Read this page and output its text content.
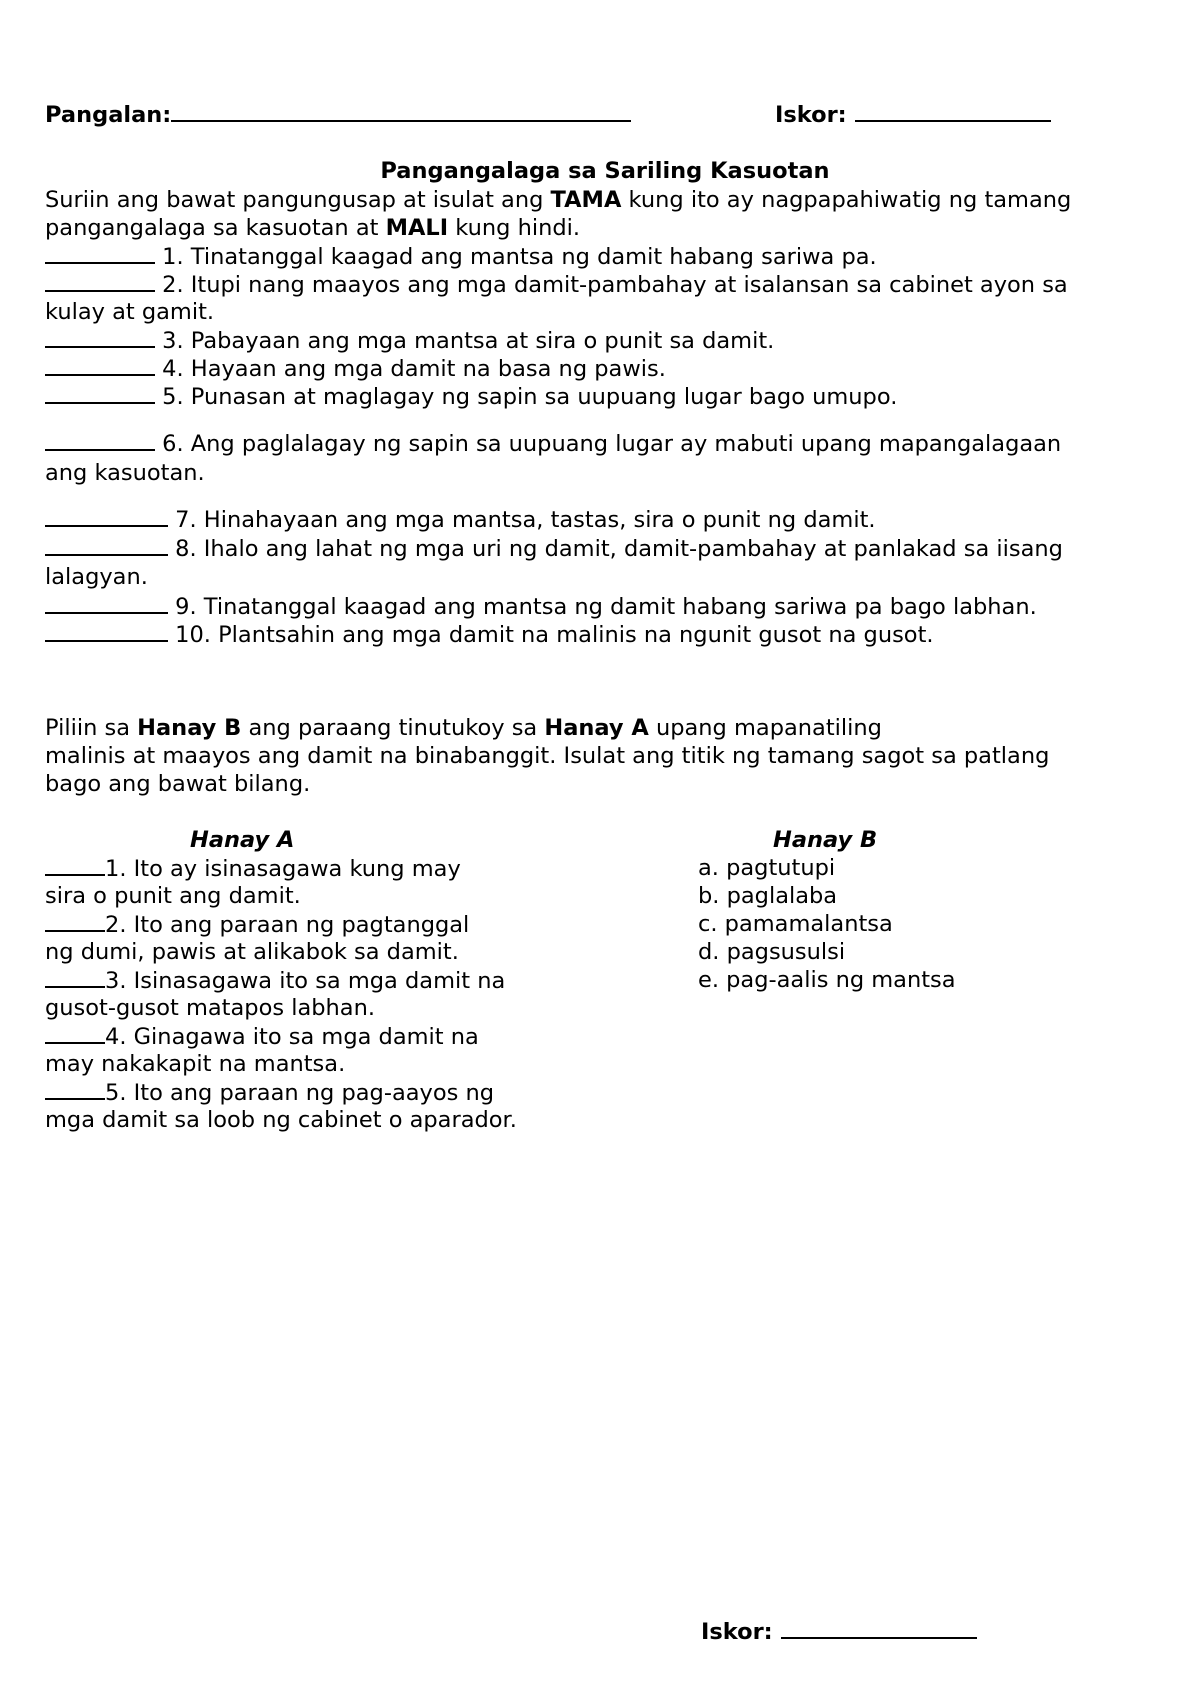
Pangalan:	Iskor:
Pangangalaga sa Sariling Kasuotan
Suriin ang bawat pangungusap at isulat ang TAMA kung ito ay nagpapahiwatig ng tamang
pangangalaga sa kasuotan at MALI kung hindi.
1. Tinatanggal kaagad ang mantsa ng damit habang sariwa pa.
2. Itupi nang maayos ang mga damit-pambahay at isalansan sa cabinet ayon sa
kulay at gamit.
3. Pabayaan ang mga mantsa at sira o punit sa damit.
4. Hayaan ang mga damit na basa ng pawis.
5. Punasan at maglagay ng sapin sa uupuang lugar bago umupo.
6. Ang paglalagay ng sapin sa uupuang lugar ay mabuti upang mapangalagaan
ang kasuotan.
7. Hinahayaan ang mga mantsa, tastas, sira o punit ng damit.
8. Ihalo ang lahat ng mga uri ng damit, damit-pambahay at panlakad sa iisang
lalagyan.
9. Tinatanggal kaagad ang mantsa ng damit habang sariwa pa bago labhan.
10. Plantsahin ang mga damit na malinis na ngunit gusot na gusot.
Piliin sa Hanay B ang paraang tinutukoy sa Hanay A upang mapanatiling
malinis at maayos ang damit na binabanggit. Isulat ang titik ng tamang sagot sa patlang
bago ang bawat bilang.
Hanay A	Hanay B
1. Ito ay isinasagawa kung may
sira o punit ang damit.
2. Ito ang paraan ng pagtanggal
ng dumi, pawis at alikabok sa damit.
3. Isinasagawa ito sa mga damit na
gusot-gusot matapos labhan.
4. Ginagawa ito sa mga damit na
may nakakapit na mantsa.
5. Ito ang paraan ng pag-aayos ng
mga damit sa loob ng cabinet o aparador.
a. pagtutupi
b. paglalaba
c. pamamalantsa
d. pagsusulsi
e. pag-aalis ng mantsa
Iskor:
